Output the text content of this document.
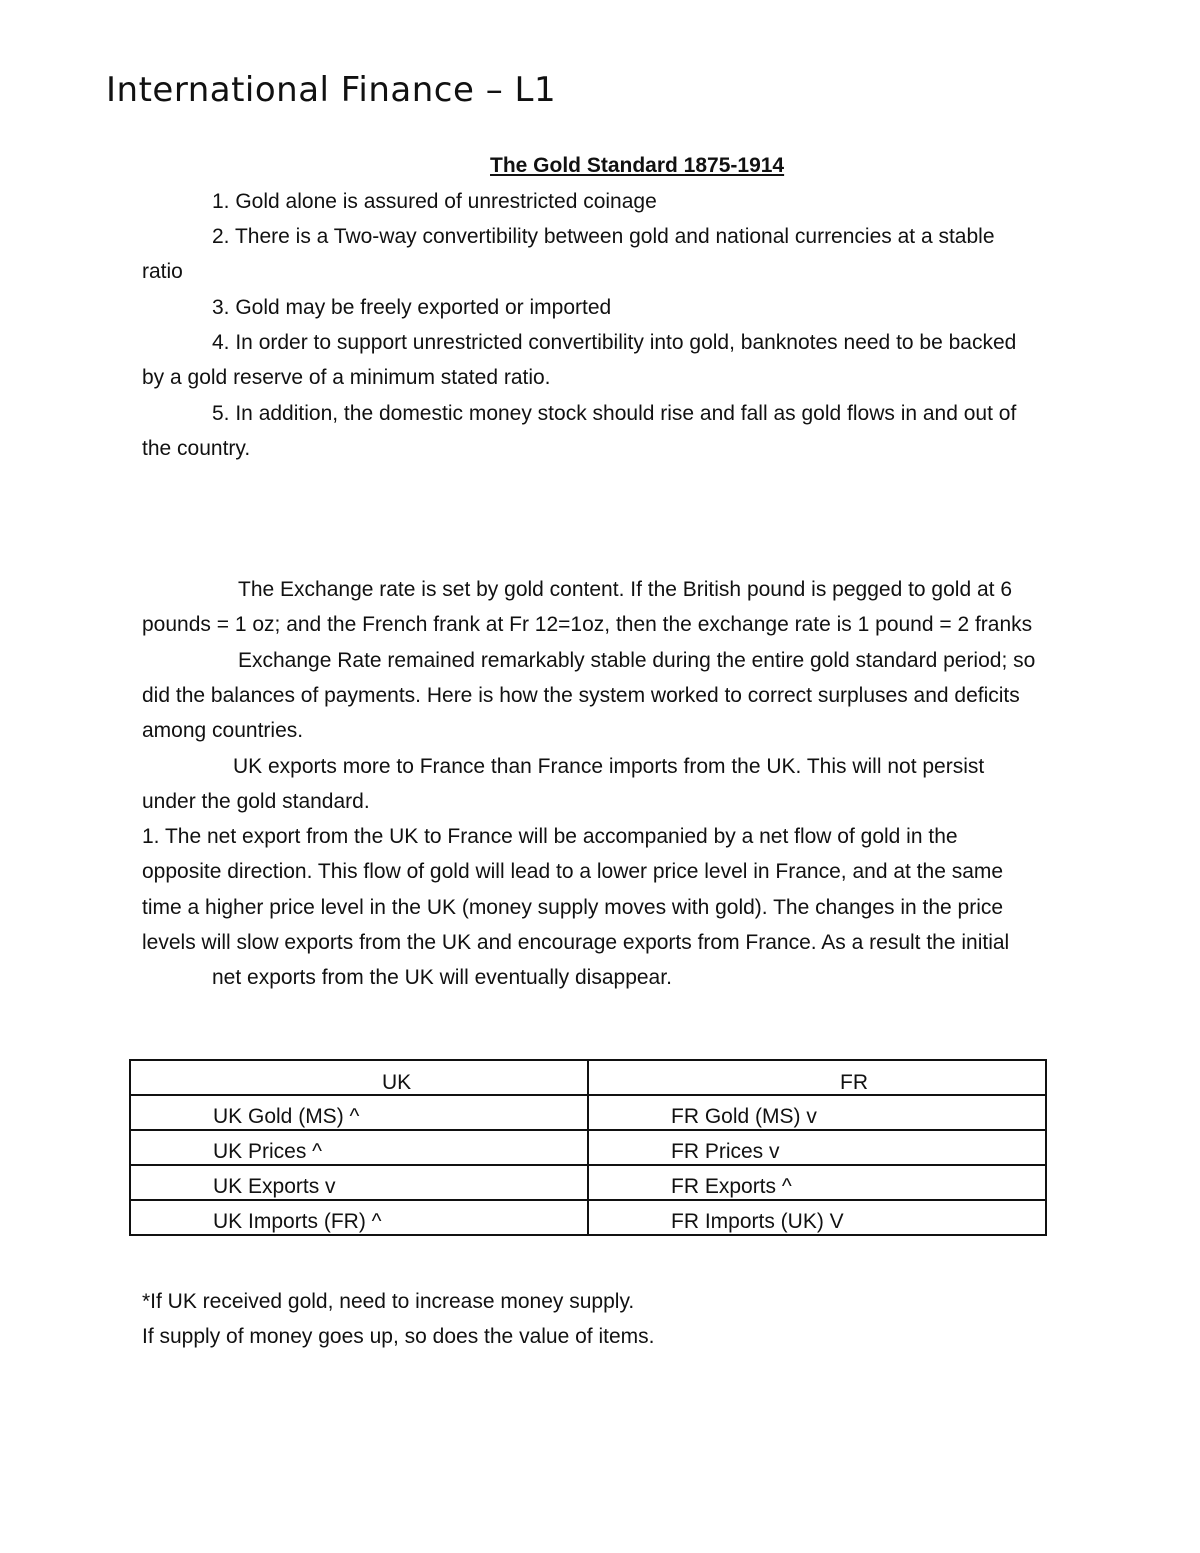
International Finance – L1
The Gold Standard 1875-1914

1. Gold alone is assured of unrestricted coinage

2. There is a Two-way convertibility between gold and national currencies at a stable

ratio

3. Gold may be freely exported or imported

4. In order to support unrestricted convertibility into gold, banknotes need to be backed

by a gold reserve of a minimum stated ratio.

5. In addition, the domestic money stock should rise and fall as gold flows in and out of

the country.

The Exchange rate is set by gold content. If the British pound is pegged to gold at 6

pounds = 1 oz; and the French frank at Fr 12=1oz, then the exchange rate is 1 pound = 2 franks

Exchange Rate remained remarkably stable during the entire gold standard period; so

did the balances of payments. Here is how the system worked to correct surpluses and deficits

among countries.

UK exports more to France than France imports from the UK. This will not persist

under the gold standard.

1. The net export from the UK to France will be accompanied by a net flow of gold in the

opposite direction. This flow of gold will lead to a lower price level in France, and at the same

time a higher price level in the UK (money supply moves with gold). The changes in the price

levels will slow exports from the UK and encourage exports from France. As a result the initial

net exports from the UK will eventually disappear.

UK	FR

UK Gold (MS) ^	FR Gold (MS) v

UK Prices ^	FR Prices v

UK Exports v	FR Exports ^

UK Imports (FR) ^	FR Imports (UK) V

*If UK received gold, need to increase money supply.

If supply of money goes up, so does the value of items.
